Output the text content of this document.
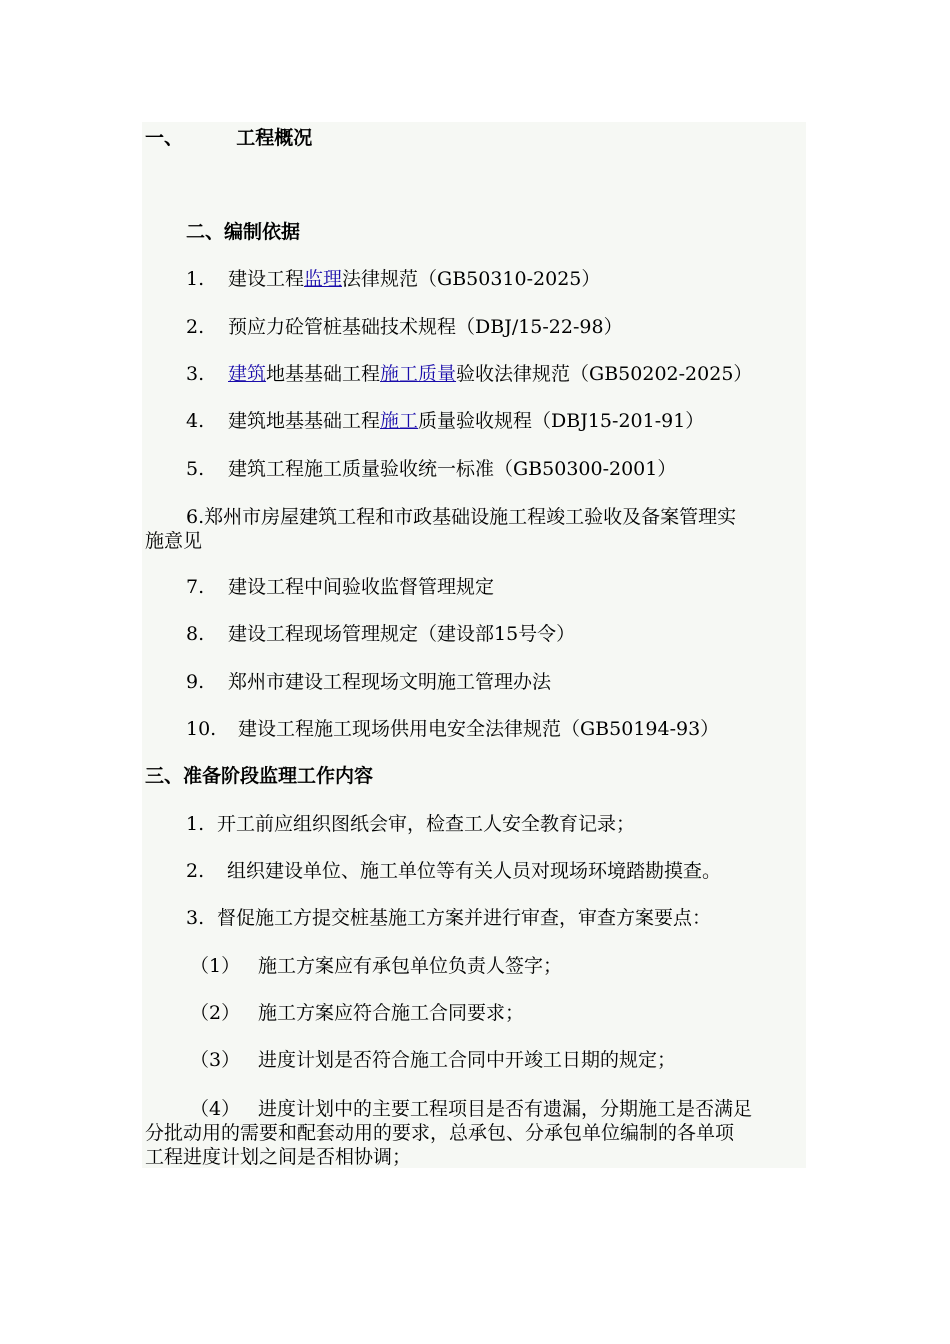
一、	工程概况
二、编制依据
1. 建设工程监理法律规范（GB50310-2025）
2. 预应力砼管桩基础技术规程（DBJ/15-22-98）
3. 建筑地基基础工程施工质量验收法律规范（GB50202-2025）
4. 建筑地基基础工程施工质量验收规程（DBJ15-201-91）
5. 建筑工程施工质量验收统一标准（GB50300-2001）
6.郑州市房屋建筑工程和市政基础设施工程竣工验收及备案管理实
施意见
7. 建设工程中间验收监督管理规定
8. 建设工程现场管理规定（建设部15号令）
9. 郑州市建设工程现场文明施工管理办法
10. 建设工程施工现场供用电安全法律规范（GB50194-93）
三、准备阶段监理工作内容
1. 开工前应组织图纸会审，检查工人安全教育记录；
2. 组织建设单位、施工单位等有关人员对现场环境踏勘摸查。
3. 督促施工方提交桩基施工方案并进行审查，审查方案要点：
（1） 施工方案应有承包单位负责人签字；
（2） 施工方案应符合施工合同要求；
（3） 进度计划是否符合施工合同中开竣工日期的规定；
（4） 进度计划中的主要工程项目是否有遗漏，分期施工是否满足
分批动用的需要和配套动用的要求，总承包、分承包单位编制的各单项
工程进度计划之间是否相协调；
